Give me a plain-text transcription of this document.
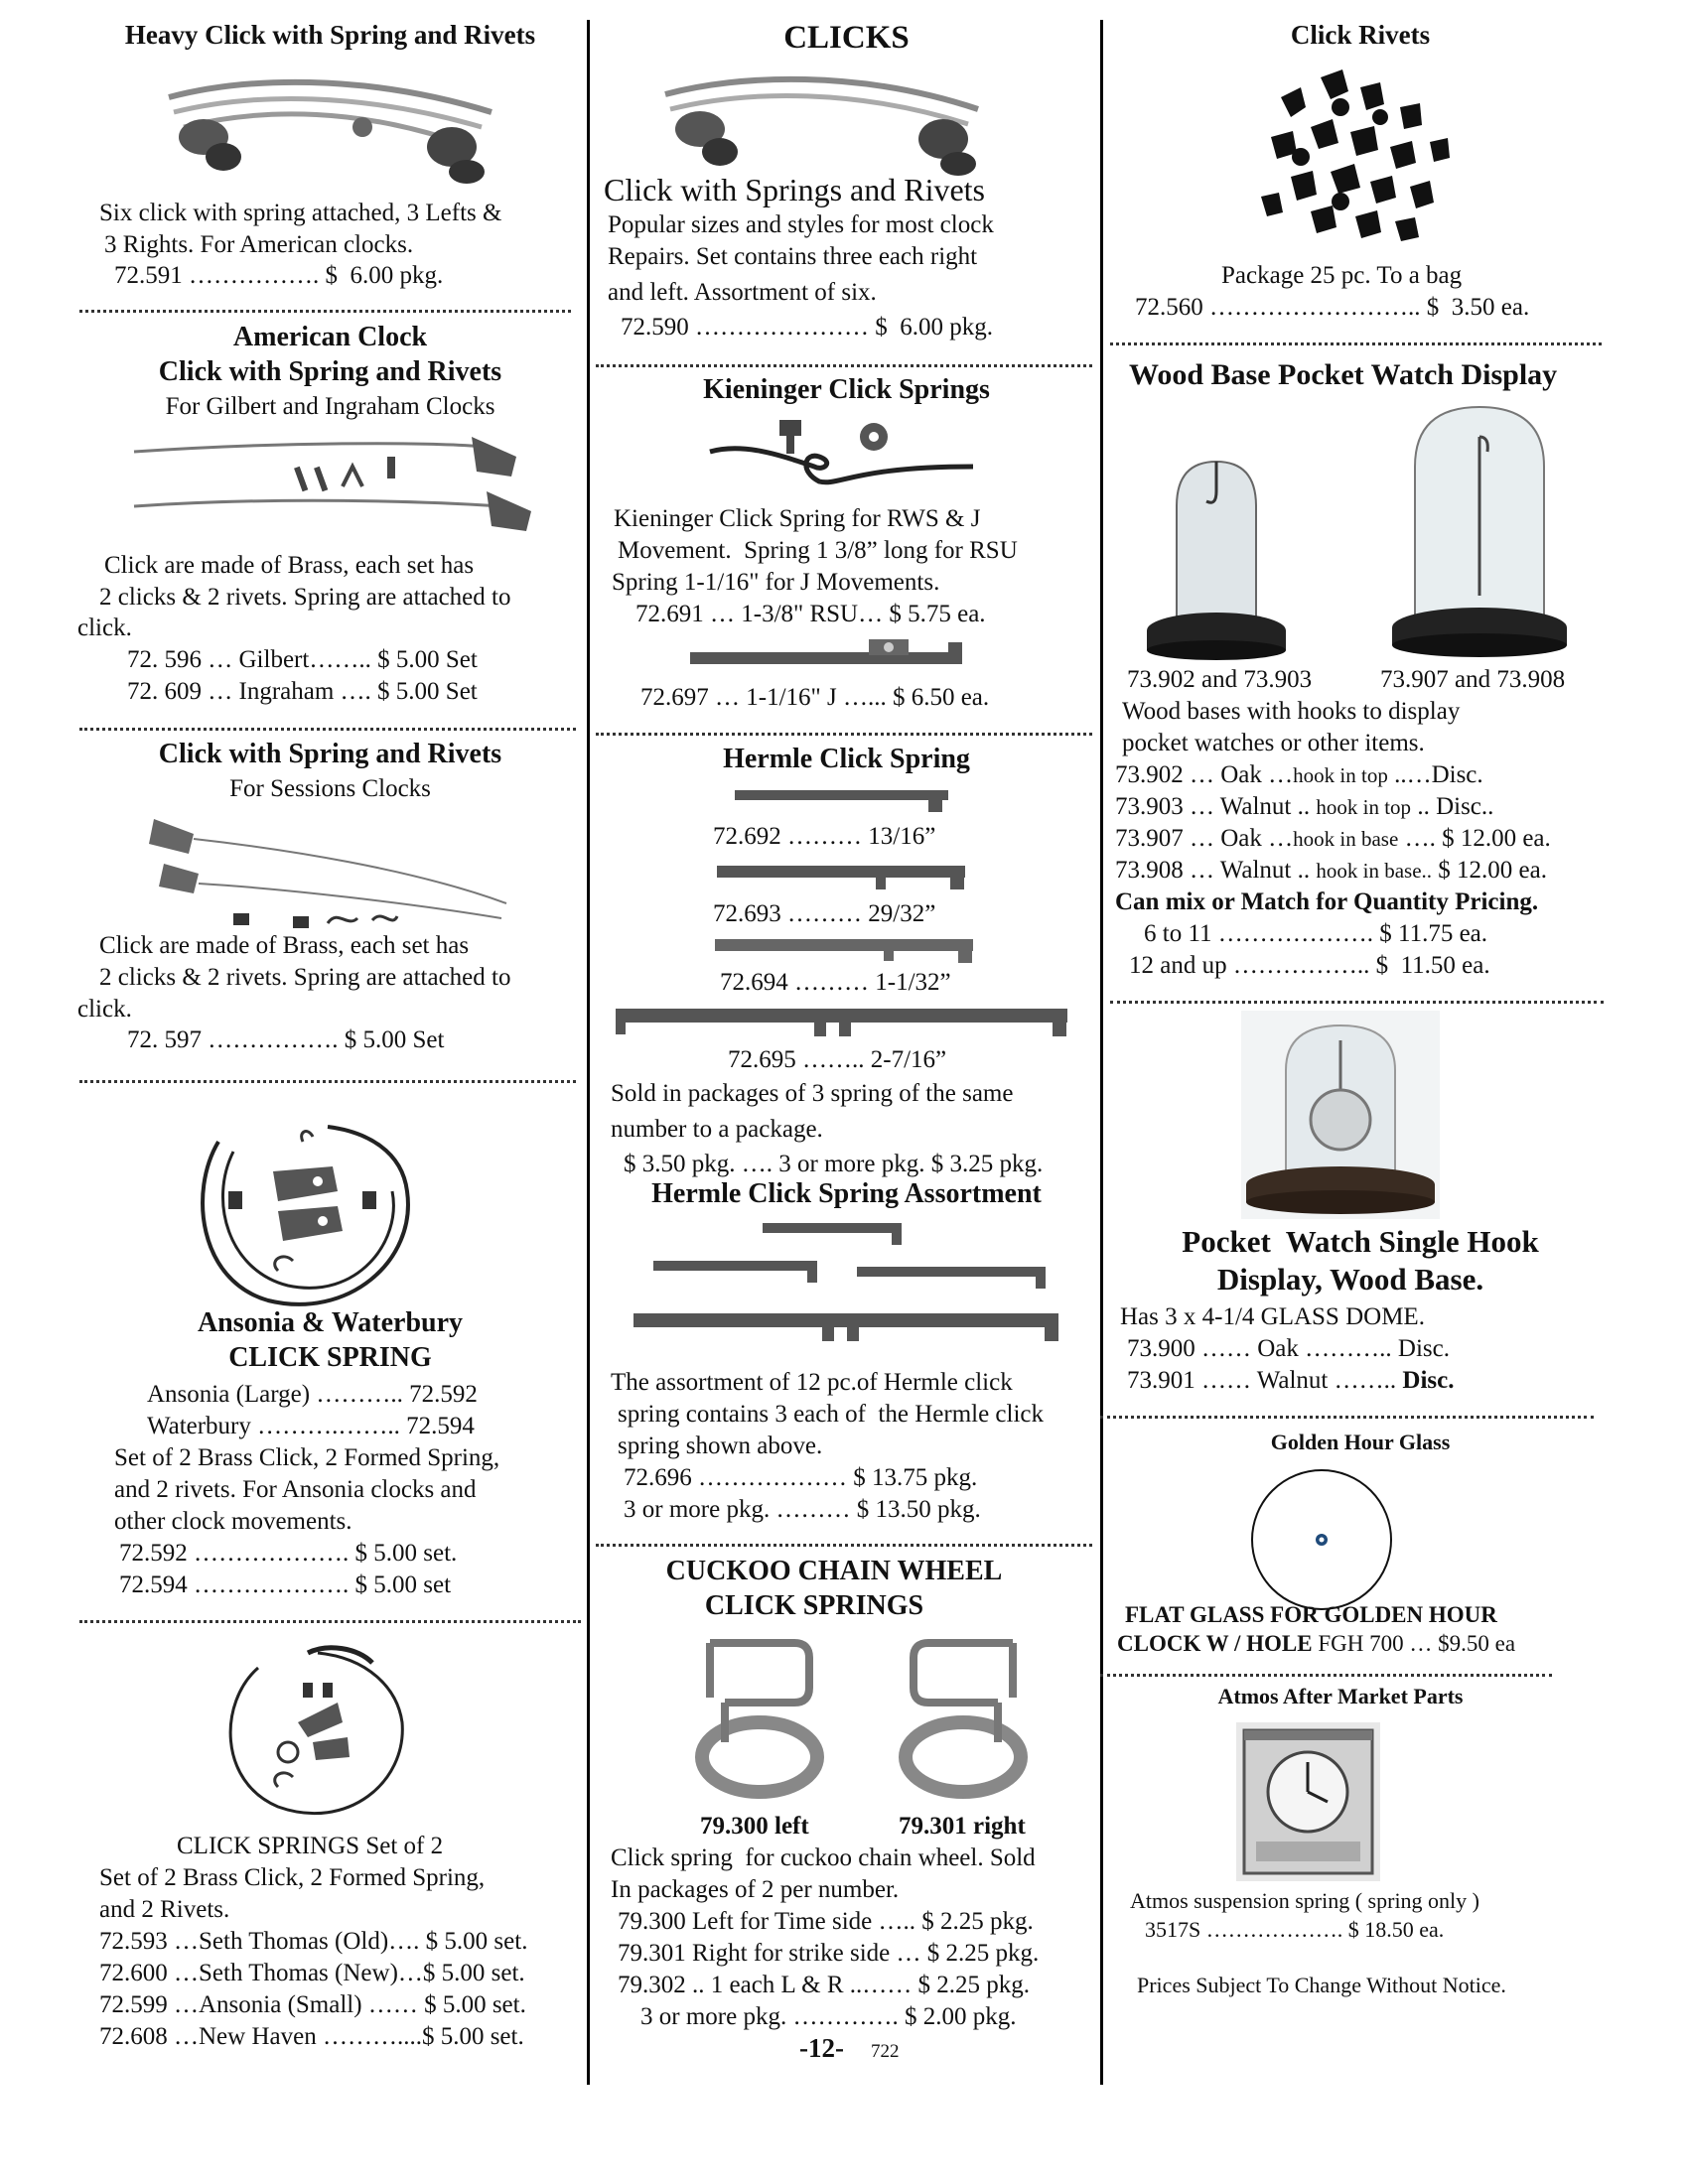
Heavy Click with Spring and Rivets
Six click with spring attached, 3 Lefts &
3 Rights. For American clocks.
72.591 ……………. $  6.00 pkg.
American Clock
Click with Spring and Rivets
For Gilbert and Ingraham Clocks
Click are made of Brass, each set has
2 clicks & 2 rivets. Spring are attached to
click.
72. 596 … Gilbert…….. $ 5.00 Set
72. 609 … Ingraham …. $ 5.00 Set
Click with Spring and Rivets
For Sessions Clocks
Click are made of Brass, each set has
2 clicks & 2 rivets. Spring are attached to
click.
72. 597 ……………. $ 5.00 Set
Ansonia & Waterbury
CLICK SPRING
Ansonia (Large) ……….. 72.592
Waterbury ……….…….. 72.594
Set of 2 Brass Click, 2 Formed Spring,
and 2 rivets. For Ansonia clocks and
other clock movements.
72.592 ………………. $ 5.00 set.
72.594 ………………. $ 5.00 set
CLICK SPRINGS Set of 2
Set of 2 Brass Click, 2 Formed Spring,
and 2 Rivets.
72.593 …Seth Thomas (Old)…. $ 5.00 set.
72.600 …Seth Thomas (New)…$ 5.00 set.
72.599 …Ansonia (Small) …… $ 5.00 set.
72.608 …New Haven ………....$ 5.00 set.
CLICKS
Click with Springs and Rivets
Popular sizes and styles for most clock
Repairs. Set contains three each right
and left. Assortment of six.
72.590 ………………… $  6.00 pkg.
Kieninger Click Springs
Kieninger Click Spring for RWS & J
Movement.  Spring 1 3/8” long for RSU
Spring 1-1/16" for J Movements.
72.691 … 1-3/8" RSU… $ 5.75 ea.
72.697 … 1-1/16" J …... $ 6.50 ea.
Hermle Click Spring
72.692 ……… 13/16”
72.693 ……… 29/32”
72.694 ……… 1-1/32”
72.695 …….. 2-7/16”
Sold in packages of 3 spring of the same
number to a package.
$ 3.50 pkg. …. 3 or more pkg. $ 3.25 pkg.
Hermle Click Spring Assortment
The assortment of 12 pc.of Hermle click
spring contains 3 each of  the Hermle click
spring shown above.
72.696 ……………… $ 13.75 pkg.
3 or more pkg. ……… $ 13.50 pkg.
CUCKOO CHAIN WHEEL
CLICK SPRINGS
79.300 left	79.301 right
Click spring  for cuckoo chain wheel. Sold
In packages of 2 per number.
79.300 Left for Time side ….. $ 2.25 pkg.
79.301 Right for strike side … $ 2.25 pkg.
79.302 .. 1 each L & R ..…… $ 2.25 pkg.
3 or more pkg. …………. $ 2.00 pkg.
-12- 722
Click Rivets
Package 25 pc. To a bag
72.560 …………………….. $  3.50 ea.
Wood Base Pocket Watch Display
73.902 and 73.903	73.907 and 73.908
Wood bases with hooks to display
pocket watches or other items.
73.902 … Oak …hook in top ..…Disc.
73.903 … Walnut .. hook in top .. Disc..
73.907 … Oak …hook in base …. $ 12.00 ea.
73.908 … Walnut .. hook in base.. $ 12.00 ea.
Can mix or Match for Quantity Pricing.
6 to 11 ………………. $ 11.75 ea.
12 and up …………….. $  11.50 ea.
Pocket  Watch Single Hook
Display, Wood Base.
Has 3 x 4-1/4 GLASS DOME.
73.900 …… Oak ……….. Disc.
73.901 …… Walnut …….. Disc.
Golden Hour Glass
FLAT GLASS FOR GOLDEN HOUR
CLOCK W / HOLE FGH 700 … $9.50 ea
Atmos After Market Parts
Atmos suspension spring ( spring only )
3517S ………………. $ 18.50 ea.
Prices Subject To Change Without Notice.
